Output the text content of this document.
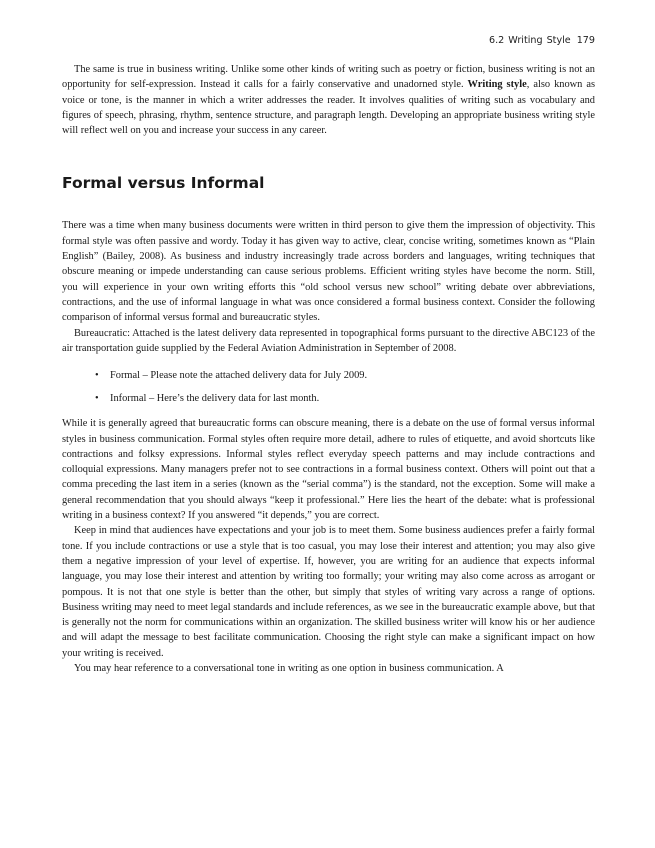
6.2 Writing Style 179

The same is true in business writing. Unlike some other kinds of writing such as poetry or fiction, business writing is not an opportunity for self-expression. Instead it calls for a fairly conservative and unadorned style. Writing style, also known as voice or tone, is the manner in which a writer addresses the reader. It involves qualities of writing such as vocabulary and figures of speech, phrasing, rhythm, sentence structure, and paragraph length. Developing an appropriate business writing style will reflect well on you and increase your success in any career.

Formal versus Informal

There was a time when many business documents were written in third person to give them the impression of objectivity. This formal style was often passive and wordy. Today it has given way to active, clear, concise writing, sometimes known as “Plain English” (Bailey, 2008). As business and industry increasingly trade across borders and languages, writing techniques that obscure meaning or impede understanding can cause serious problems. Efficient writing styles have become the norm. Still, you will experience in your own writing efforts this “old school versus new school” writing debate over abbreviations, contractions, and the use of informal language in what was once considered a formal business context. Consider the following comparison of informal versus formal and bureaucratic styles.

Bureaucratic: Attached is the latest delivery data represented in topographical forms pursuant to the directive ABC123 of the air transportation guide supplied by the Federal Aviation Administration in September of 2008.

• Formal – Please note the attached delivery data for July 2009.
• Informal – Here’s the delivery data for last month.

While it is generally agreed that bureaucratic forms can obscure meaning, there is a debate on the use of formal versus informal styles in business communication. Formal styles often require more detail, adhere to rules of etiquette, and avoid shortcuts like contractions and folksy expressions. Informal styles reflect everyday speech patterns and may include contractions and colloquial expressions. Many managers prefer not to see contractions in a formal business context. Others will point out that a comma preceding the last item in a series (known as the “serial comma”) is the standard, not the exception. Some will make a general recommendation that you should always “keep it professional.” Here lies the heart of the debate: what is professional writing in a business context? If you answered “it depends,” you are correct.

Keep in mind that audiences have expectations and your job is to meet them. Some business audiences prefer a fairly formal tone. If you include contractions or use a style that is too casual, you may lose their interest and attention; you may also give them a negative impression of your level of expertise. If, however, you are writing for an audience that expects informal language, you may lose their interest and attention by writing too formally; your writing may also come across as arrogant or pompous. It is not that one style is better than the other, but simply that styles of writing vary across a range of options. Business writing may need to meet legal standards and include references, as we see in the bureaucratic example above, but that is generally not the norm for communications within an organization. The skilled business writer will know his or her audience and will adapt the message to best facilitate communication. Choosing the right style can make a significant impact on how your writing is received.

You may hear reference to a conversational tone in writing as one option in business communication. A
